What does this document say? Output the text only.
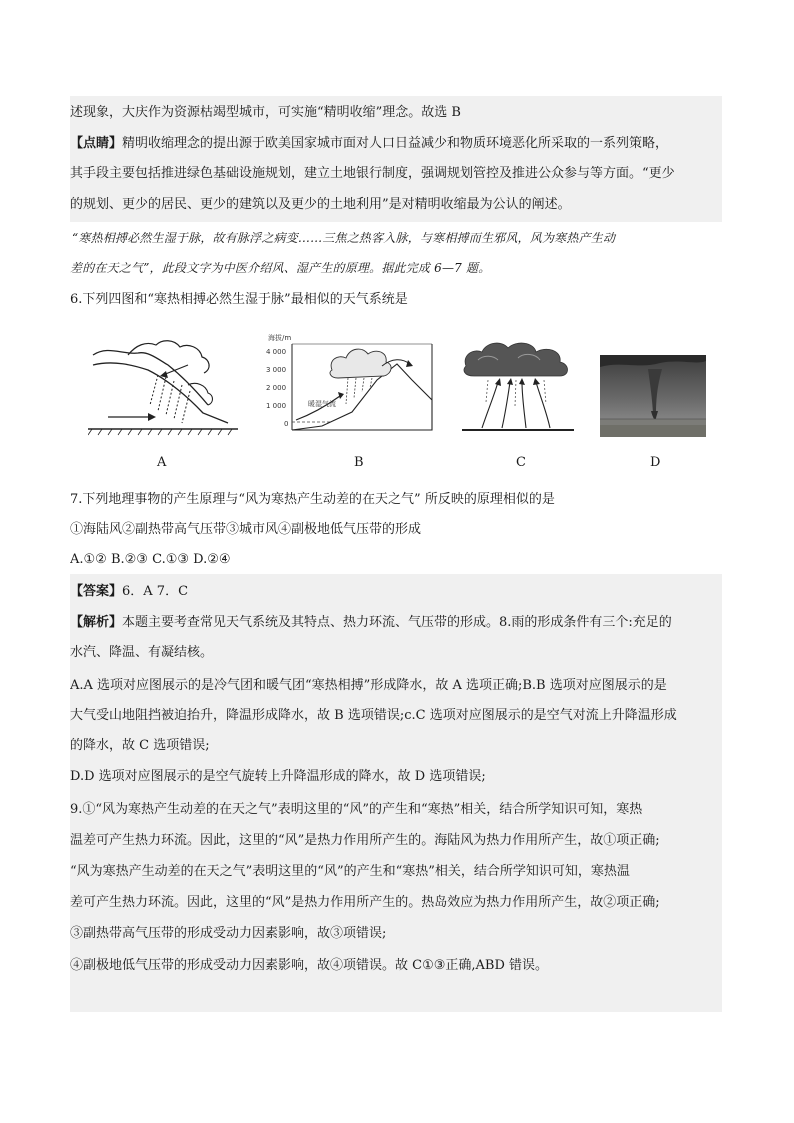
述现象，大庆作为资源枯竭型城市，可实施“精明收缩”理念。故选 B
【点睛】精明收缩理念的提出源于欧美国家城市面对人口日益减少和物质环境恶化所采取的一系列策略，
其手段主要包括推进绿色基础设施规划，建立土地银行制度，强调规划管控及推进公众参与等方面。“更少
的规划、更少的居民、更少的建筑以及更少的土地利用”是对精明收缩最为公认的阐述。
“寒热相搏必然生湿于脉，故有脉浮之病变……三焦之热客入脉，与寒相搏而生邪风，风为寒热产生动
差的在天之气”，此段文字为中医介绍风、湿产生的原理。据此完成 6—7 题。
6.下列四图和“寒热相搏必然生湿于脉”最相似的天气系统是
海拔/m
4 000
3 000
2 000
1 000
0
暖湿气流
A	B	C	D
7.下列地理事物的产生原理与“风为寒热产生动差的在天之气” 所反映的原理相似的是
①海陆风②副热带高气压带③城市风④副极地低气压带的形成
A.①② B.②③ C.①③ D.②④
【答案】6．A 7．C
【解析】本题主要考查常见天气系统及其特点、热力环流、气压带的形成。8.雨的形成条件有三个:充足的
水汽、降温、有凝结核。
A.A 选项对应图展示的是冷气团和暖气团“寒热相搏”形成降水，故 A 选项正确;B.B 选项对应图展示的是
大气受山地阻挡被迫抬升，降温形成降水，故 B 选项错误;c.C 选项对应图展示的是空气对流上升降温形成
的降水，故 C 选项错误;
D.D 选项对应图展示的是空气旋转上升降温形成的降水，故 D 选项错误;
9.①“风为寒热产生动差的在天之气”表明这里的“风”的产生和“寒热”相关，结合所学知识可知，寒热
温差可产生热力环流。因此，这里的“风”是热力作用所产生的。海陆风为热力作用所产生，故①项正确;
“风为寒热产生动差的在天之气”表明这里的“风”的产生和“寒热”相关，结合所学知识可知，寒热温
差可产生热力环流。因此，这里的“风”是热力作用所产生的。热岛效应为热力作用所产生，故②项正确;
③副热带高气压带的形成受动力因素影响，故③项错误;
④副极地低气压带的形成受动力因素影响，故④项错误。故 C①③正确,ABD 错误。
